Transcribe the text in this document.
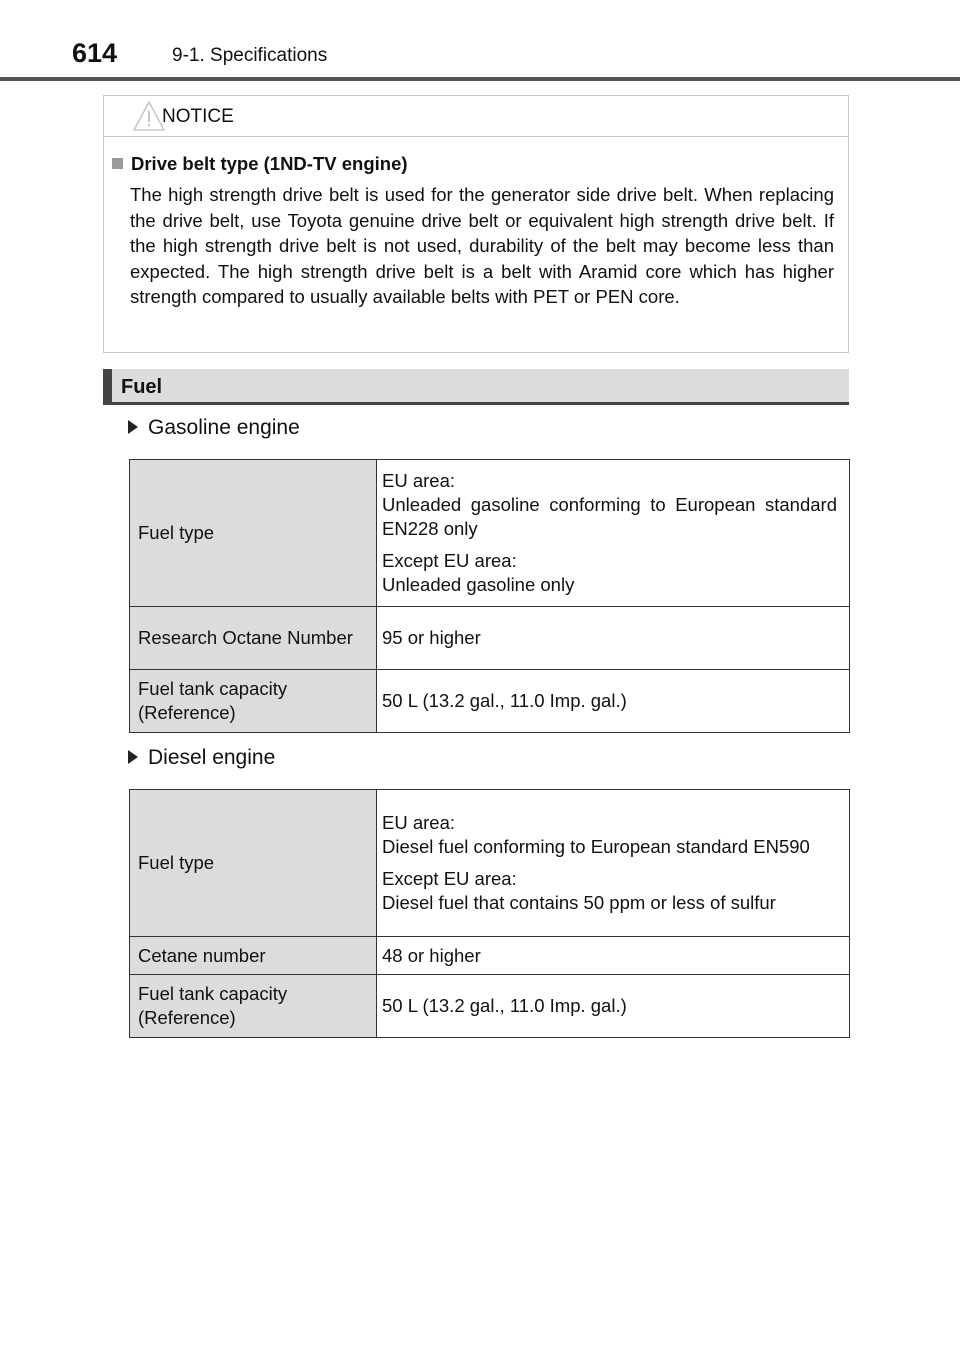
614	9-1. Specifications
NOTICE
Drive belt type (1ND-TV engine)
The high strength drive belt is used for the generator side drive belt. When replacing the drive belt, use Toyota genuine drive belt or equivalent high strength drive belt. If the high strength drive belt is not used, durability of the belt may become less than expected. The high strength drive belt is a belt with Aramid core which has higher strength compared to usually available belts with PET or PEN core.
Fuel
Gasoline engine
Fuel type	EU area:
Unleaded gasoline conforming to European standard EN228 only
Except EU area:
Unleaded gasoline only

Research Octane Number	95 or higher
Fuel tank capacity (Reference)	50 L (13.2 gal., 11.0 Imp. gal.)
Diesel engine
Fuel type	EU area:
Diesel fuel conforming to European standard EN590
Except EU area:
Diesel fuel that contains 50 ppm or less of sulfur

Cetane number	48 or higher
Fuel tank capacity (Reference)	50 L (13.2 gal., 11.0 Imp. gal.)
